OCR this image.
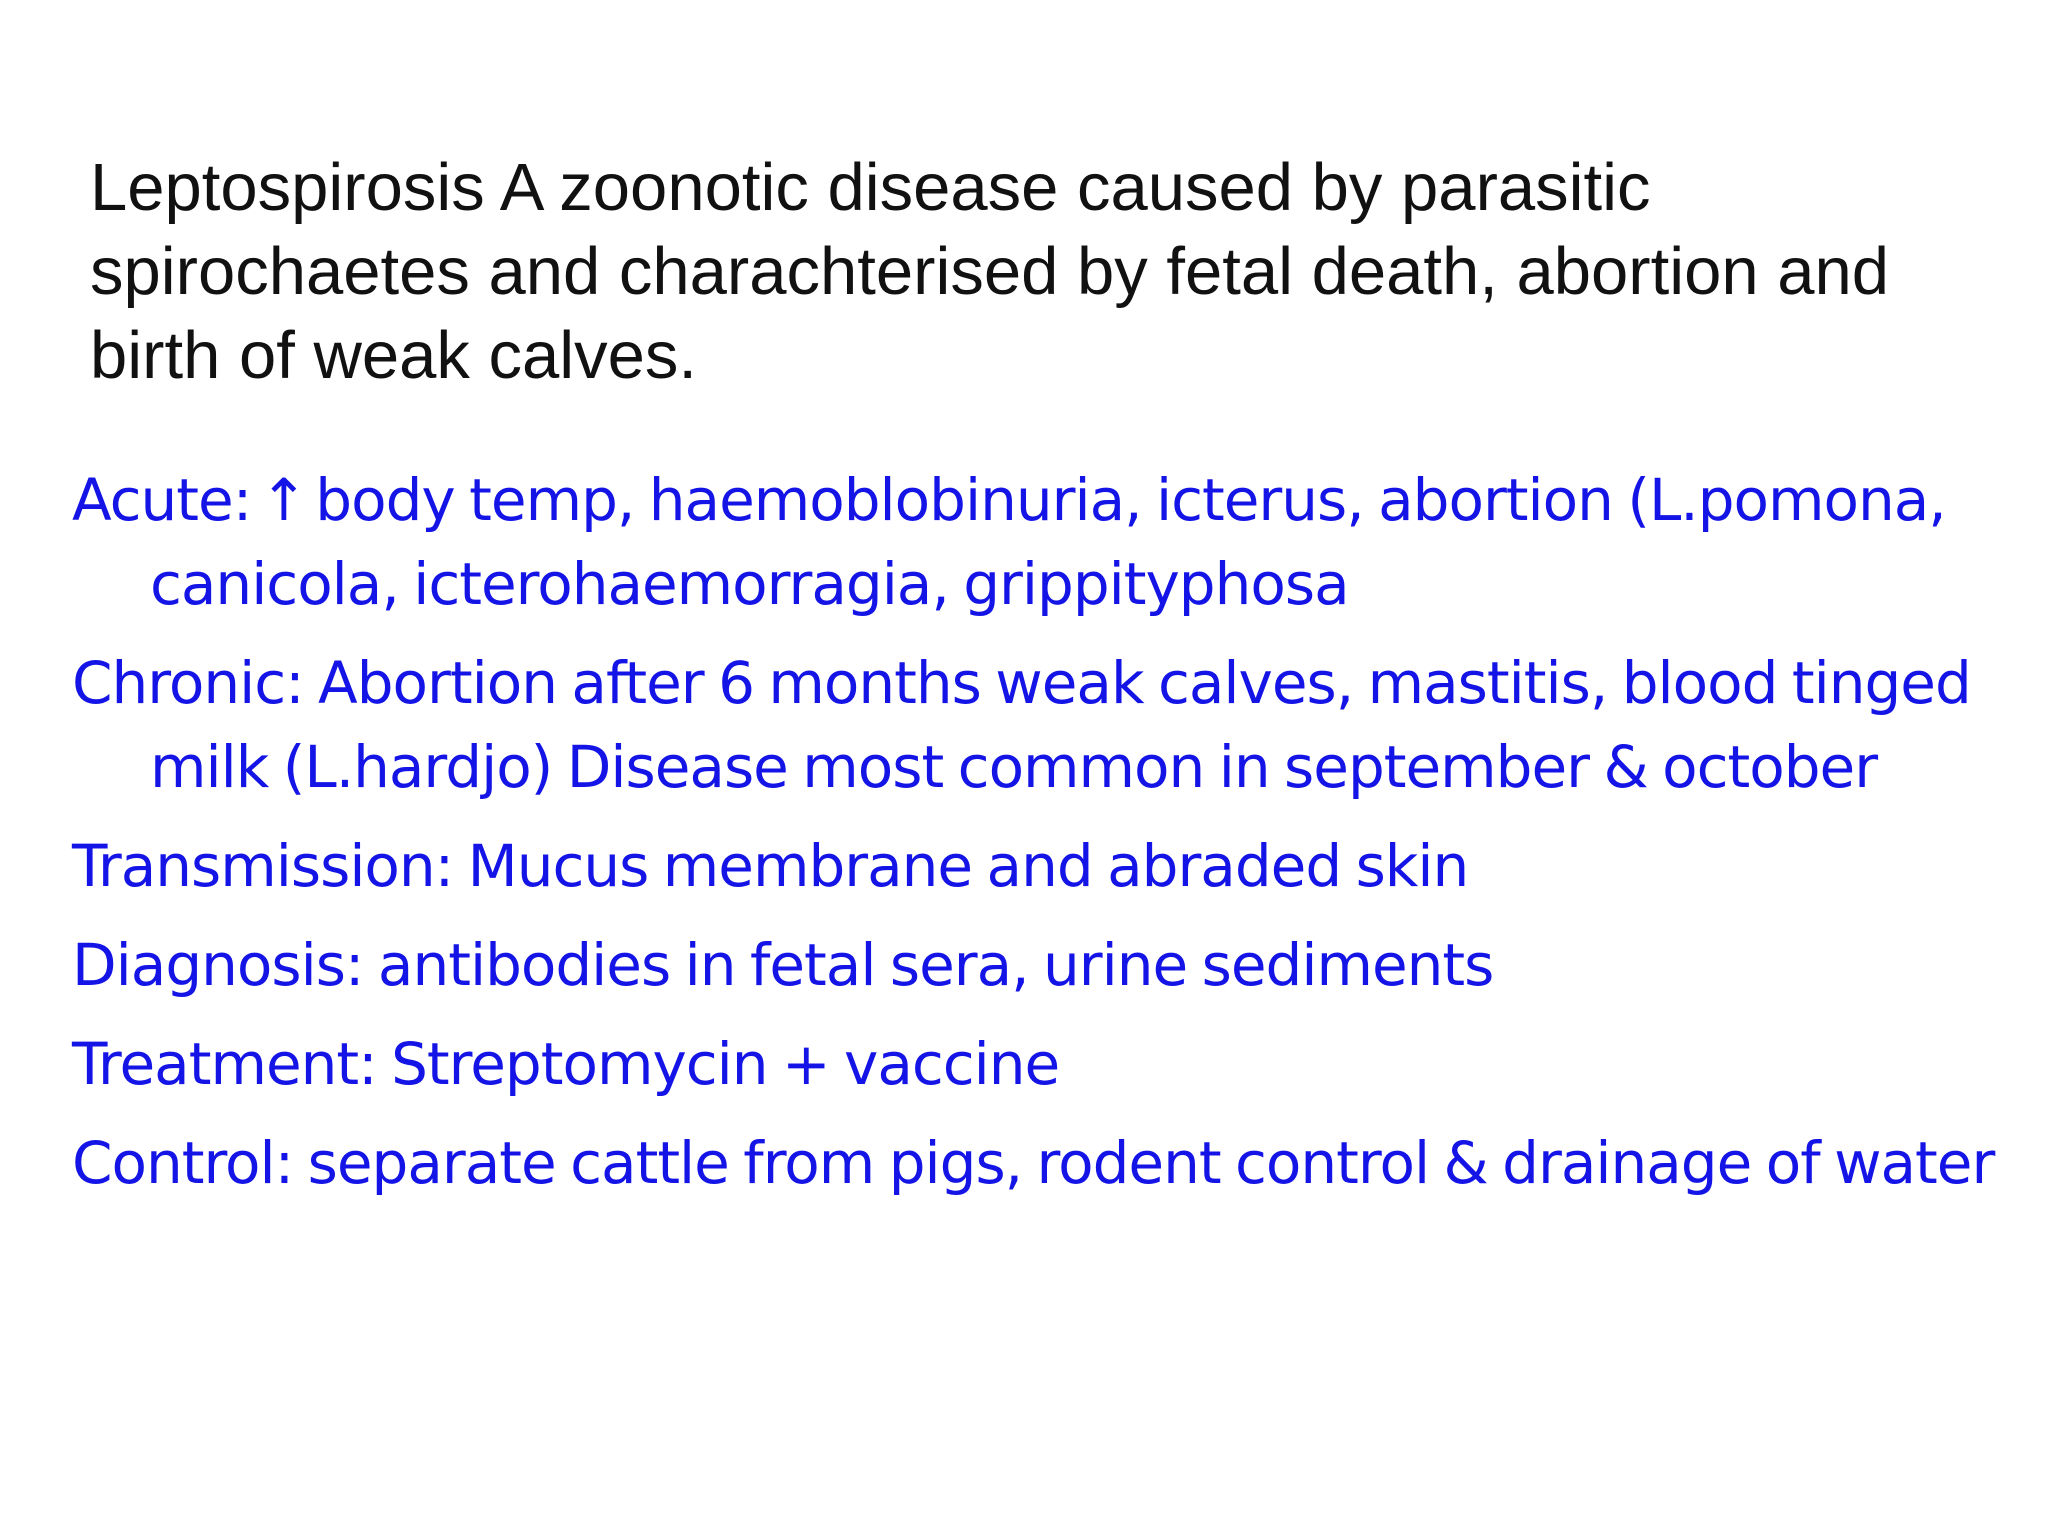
Leptospirosis A zoonotic disease caused by parasitic spirochaetes and charachterised by fetal death, abortion and birth of weak calves.

Acute: ↑ body temp, haemoblobinuria, icterus, abortion (L.pomona, canicola, icterohaemorragia, grippityphosa
Chronic: Abortion after 6 months weak calves, mastitis, blood tinged milk (L.hardjo) Disease most common in september & october
Transmission: Mucus membrane and abraded skin
Diagnosis: antibodies in fetal sera, urine sediments
Treatment: Streptomycin + vaccine
Control: separate cattle from pigs, rodent control & drainage of water
